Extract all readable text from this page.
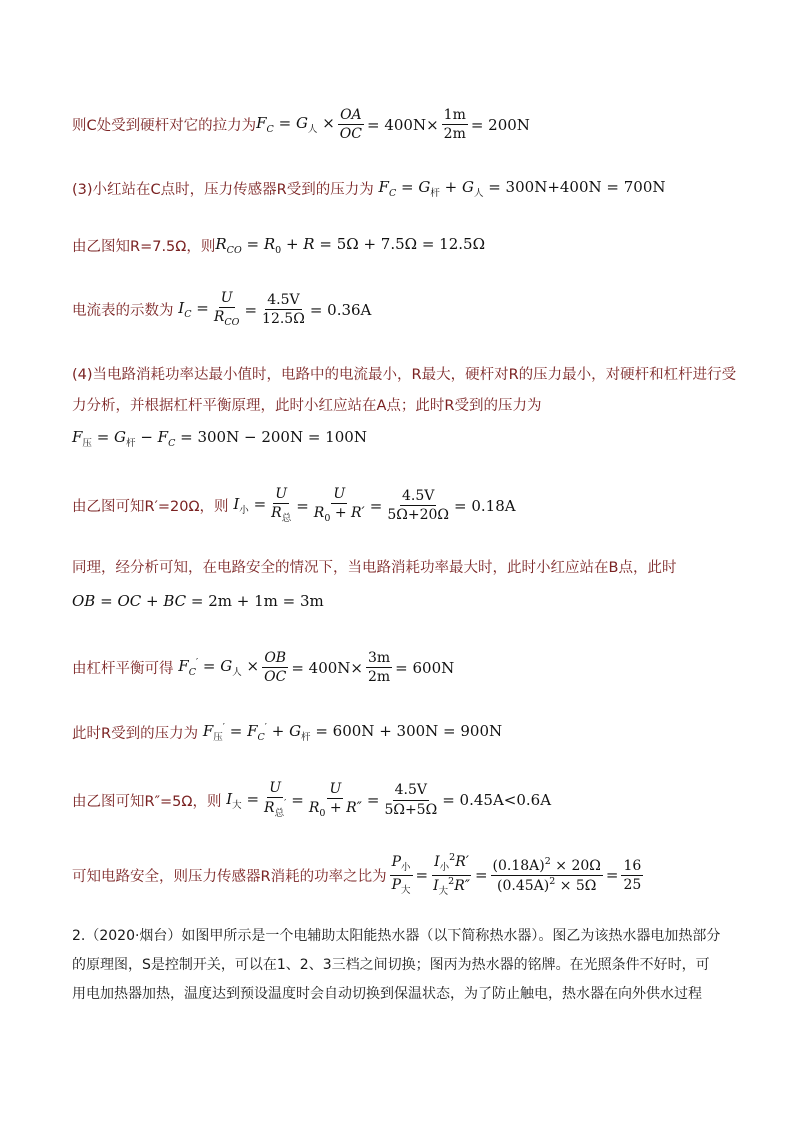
则C处受到硬杆对它的拉力为 $F_C = G_人 \times \frac{OA}{OC} = 400N\times \frac{1m}{2m} = 200N$
(3)小红站在C点时，压力传感器R受到的压力为 $F_C = G_杆 + G_人 = 300N+400N = 700N$
由乙图知R=7.5Ω，则 $R_{CO} = R_0 + R = 5\Omega + 7.5\Omega = 12.5\Omega$
电流表的示数为 $I_C = \frac{U}{R_{CO}} = \frac{4.5V}{12.5\Omega} = 0.36A$
(4)当电路消耗功率达最小值时，电路中的电流最小，R最大，硬杆对R的压力最小，对硬杆和杠杆进行受
力分析，并根据杠杆平衡原理，此时小红应站在A点；此时R受到的压力为
$F_压 = G_杆 - F_C = 300N - 200N = 100N$
由乙图可知R′=20Ω，则 $I_小 = \frac{U}{R_总} = \frac{U}{R_0 + R'} = \frac{4.5V}{5\Omega+20\Omega} = 0.18A$
同理，经分析可知，在电路安全的情况下，当电路消耗功率最大时，此时小红应站在B点，此时
OB = OC + BC = 2m + 1m = 3m
由杠杆平衡可得 $F_C' = G_人 \times \frac{OB}{OC} = 400N\times \frac{3m}{2m} = 600N$
此时R受到的压力为 $F_压' = F_C' + G_杆 = 600N + 300N = 900N$
由乙图可知R″=5Ω，则 $I_大 = \frac{U}{R_总'} = \frac{U}{R_0 + R''} = \frac{4.5V}{5\Omega+5\Omega} = 0.45A<0.6A$
可知电路安全，则压力传感器R消耗的功率之比为 $\frac{P_小}{P_大} = \frac{I_小^2R'}{I_大^2R''} = \frac{(0.18A)^2 \times 20\Omega}{(0.45A)^2 \times 5\Omega} = \frac{16}{25}$
2.（2020·烟台）如图甲所示是一个电辅助太阳能热水器（以下简称热水器）。图乙为该热水器电加热部分的原理图，S是控制开关，可以在1、2、3三档之间切换；图丙为热水器的铭牌。在光照条件不好时，可用电加热器加热，温度达到预设温度时会自动切换到保温状态，为了防止触电，热水器在向外供水过程
